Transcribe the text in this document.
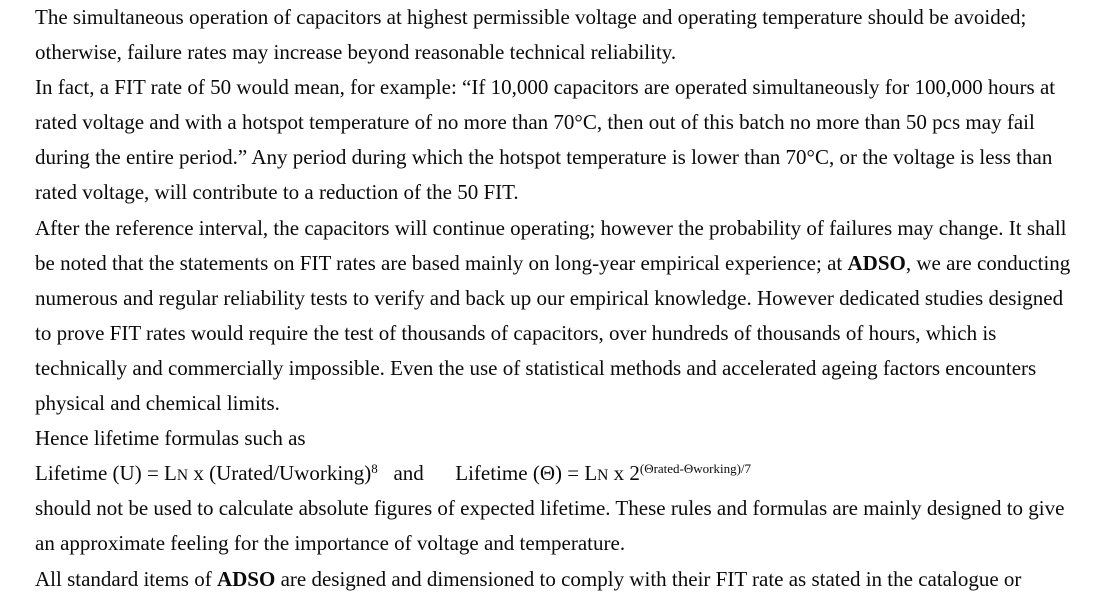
The simultaneous operation of capacitors at highest permissible voltage and operating temperature should be avoided;
otherwise, failure rates may increase beyond reasonable technical reliability.
In fact, a FIT rate of 50 would mean, for example: “If 10,000 capacitors are operated simultaneously for 100,000 hours at
rated voltage and with a hotspot temperature of no more than 70°C, then out of this batch no more than 50 pcs may fail
during the entire period.” Any period during which the hotspot temperature is lower than 70°C, or the voltage is less than
rated voltage, will contribute to a reduction of the 50 FIT.
After the reference interval, the capacitors will continue operating; however the probability of failures may change. It shall
be noted that the statements on FIT rates are based mainly on long-year empirical experience; at ADSO, we are conducting
numerous and regular reliability tests to verify and back up our empirical knowledge. However dedicated studies designed
to prove FIT rates would require the test of thousands of capacitors, over hundreds of thousands of hours, which is
technically and commercially impossible. Even the use of statistical methods and accelerated ageing factors encounters
physical and chemical limits.
Hence lifetime formulas such as
Lifetime (U) = LN x (Urated/Uworking)$^8$   and      Lifetime (Θ) = LN x $2^{(\Theta rated-\Theta working)/7}$
should not be used to calculate absolute figures of expected lifetime. These rules and formulas are mainly designed to give
an approximate feeling for the importance of voltage and temperature.
All standard items of ADSO are designed and dimensioned to comply with their FIT rate as stated in the catalogue or
